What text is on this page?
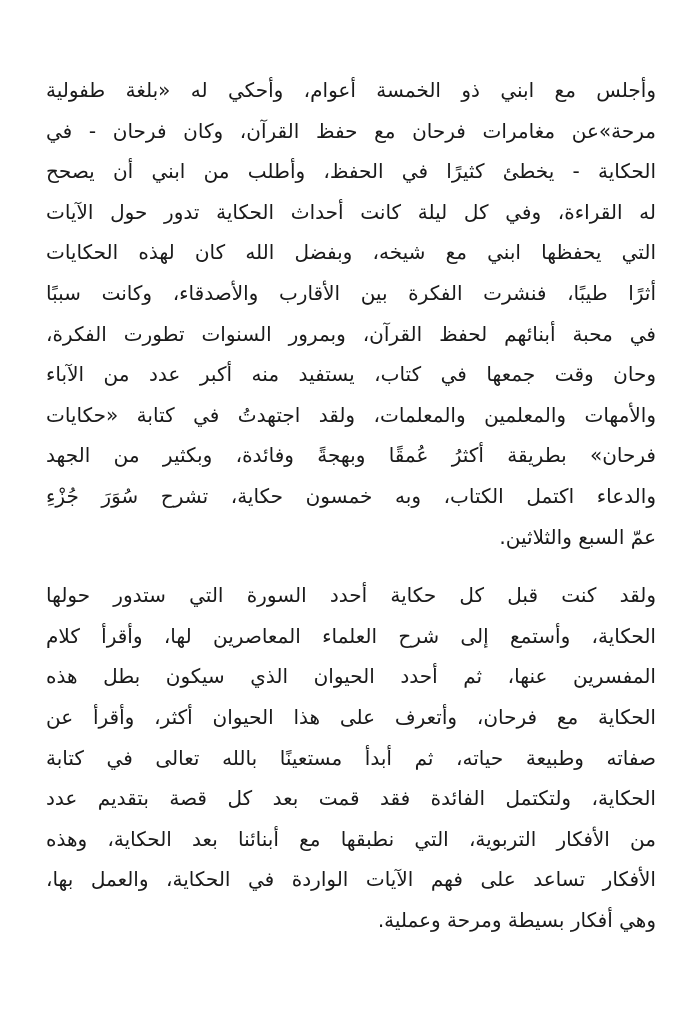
وأجلس مع ابني ذو الخمسة أعوام، وأحكي له «بلغة طفولية
مرحة»عن مغامرات فرحان مع حفظ القرآن، وكان فرحان - في
الحكاية - يخطئ كثيرًا في الحفظ، وأطلب من ابني أن يصحح
له القراءة، وفي كل ليلة كانت أحداث الحكاية تدور حول الآيات
التي يحفظها ابني مع شيخه، وبفضل الله كان لهذه الحكايات
أثرًا طيبًا، فنشرت الفكرة بين الأقارب والأصدقاء، وكانت سببًا
في محبة أبنائهم لحفظ القرآن، وبمرور السنوات تطورت الفكرة،
وحان وقت جمعها في كتاب، يستفيد منه أكبر عدد من الآباء
والأمهات والمعلمين والمعلمات، ولقد اجتهدتُ في كتابة «حكايات
فرحان» بطريقة أكثرُ عُمقًا وبهجةً وفائدة، وبكثير من الجهد
والدعاء اكتمل الكتاب، وبه خمسون حكاية، تشرح سُوَرَ جُزْءِ
عمّ السبع والثلاثين.
ولقد كنت قبل كل حكاية أحدد السورة التي ستدور حولها
الحكاية، وأستمع إلى شرح العلماء المعاصرين لها، وأقرأ كلام
المفسرين عنها، ثم أحدد الحيوان الذي سيكون بطل هذه
الحكاية مع فرحان، وأتعرف على هذا الحيوان أكثر، وأقرأ عن
صفاته وطبيعة حياته، ثم أبدأ مستعينًا بالله تعالى في كتابة
الحكاية، ولتكتمل الفائدة فقد قمت بعد كل قصة بتقديم عدد
من الأفكار التربوية، التي نطبقها مع أبنائنا بعد الحكاية، وهذه
الأفكار تساعد على فهم الآيات الواردة في الحكاية، والعمل بها،
وهي أفكار بسيطة ومرحة وعملية.
